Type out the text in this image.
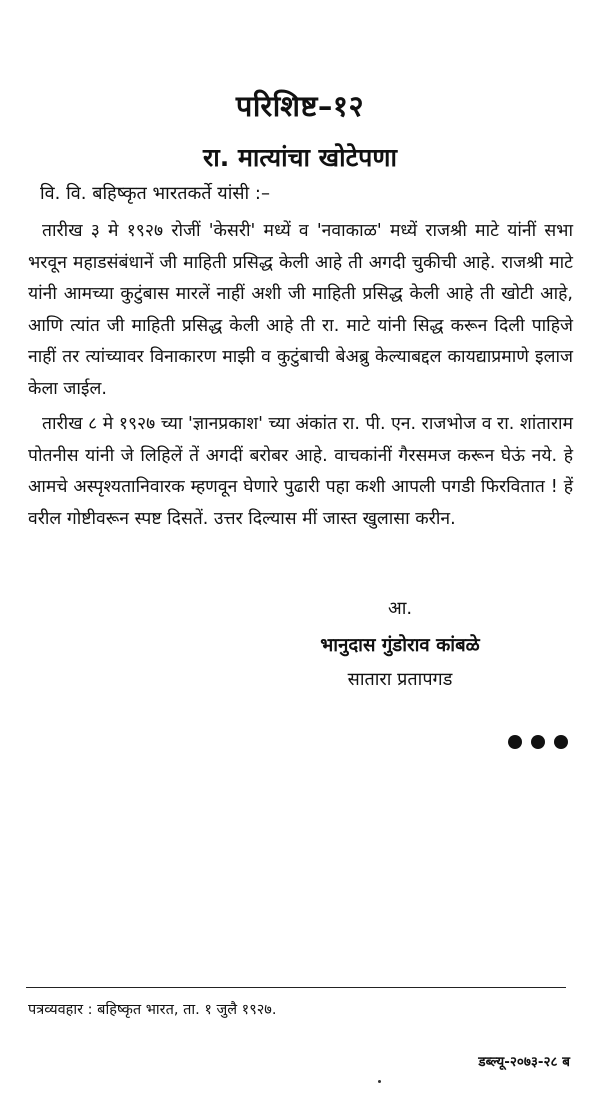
परिशिष्ट–१२
रा. मात्यांचा खोटेपणा

वि. वि. बहिष्कृत भारतकर्ते यांसी :–

तारीख ३ मे १९२७ रोजीं 'केसरी' मध्यें व 'नवाकाळ' मध्यें राजश्री माटे यांनीं सभा भरवून महाडसंबंधानें जी माहिती प्रसिद्ध केली आहे ती अगदी चुकीची आहे. राजश्री माटे यांनी आमच्या कुटुंबास मारलें नाहीं अशी जी माहिती प्रसिद्ध केली आहे ती खोटी आहे, आणि त्यांत जी माहिती प्रसिद्ध केली आहे ती रा. माटे यांनी सिद्ध करून दिली पाहिजे नाहीं तर त्यांच्यावर विनाकारण माझी व कुटुंबाची बेअब्रु केल्याबद्दल कायद्याप्रमाणे इलाज केला जाईल.

तारीख ८ मे १९२७ च्या 'ज्ञानप्रकाश' च्या अंकांत रा. पी. एन. राजभोज व रा. शांताराम पोतनीस यांनी जे लिहिलें तें अगदीं बरोबर आहे. वाचकांनीं गैरसमज करून घेऊं नये. हे आमचे अस्पृश्यतानिवारक म्हणवून घेणारे पुढारी पहा कशी आपली पगडी फिरवितात ! हें वरील गोष्टीवरून स्पष्ट दिसतें. उत्तर दिल्यास मीं जास्त खुलासा करीन.

आ.

भानुदास गुंडोराव कांबळे

सातारा प्रतापगड

पत्रव्यवहार : बहिष्कृत भारत, ता. १ जुलै १९२७.

डब्ल्यू-२०७३-२८ ब
